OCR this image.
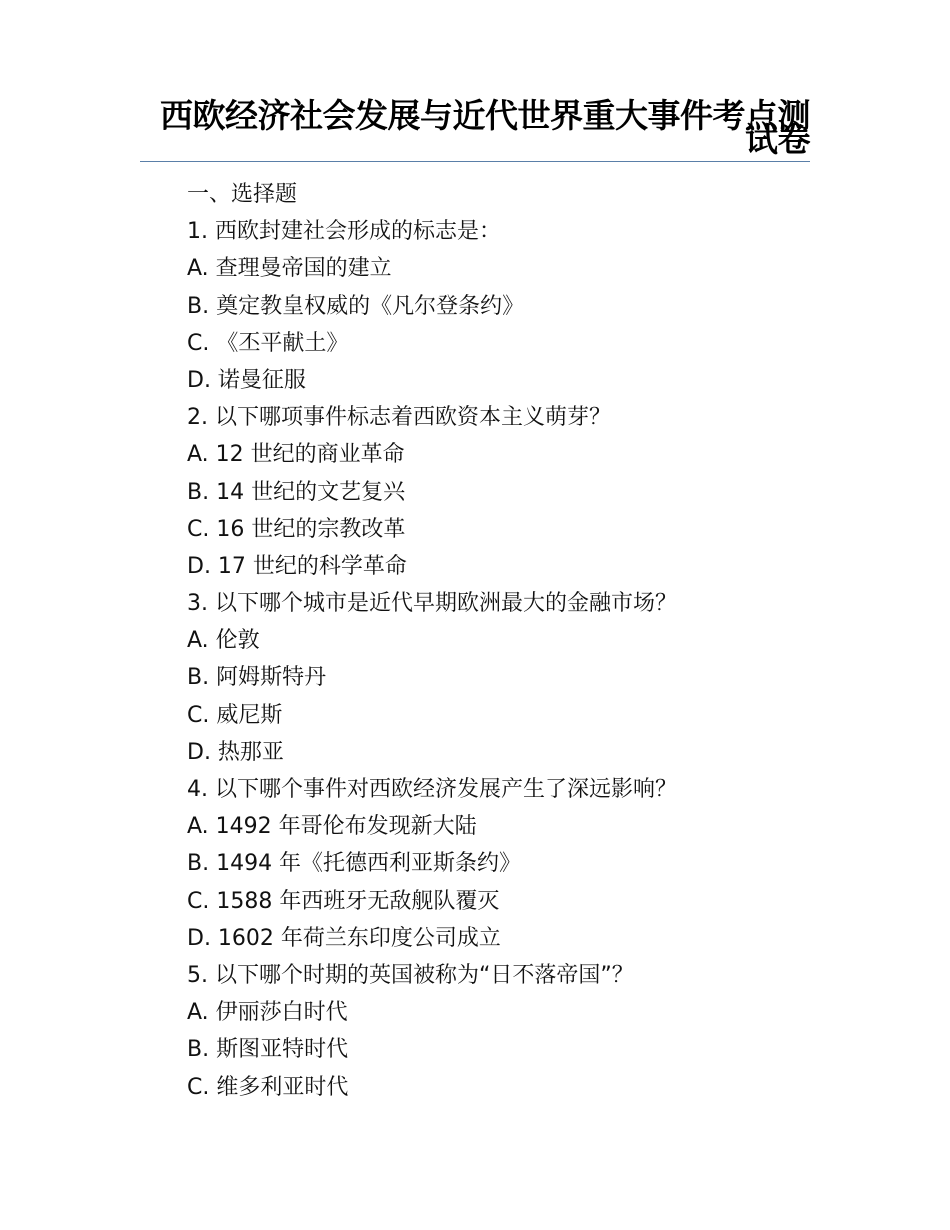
西欧经济社会发展与近代世界重大事件考点测试卷
一、选择题
1. 西欧封建社会形成的标志是：
A. 查理曼帝国的建立
B. 奠定教皇权威的《凡尔登条约》
C. 《丕平献土》
D. 诺曼征服
2. 以下哪项事件标志着西欧资本主义萌芽？
A. 12 世纪的商业革命
B. 14 世纪的文艺复兴
C. 16 世纪的宗教改革
D. 17 世纪的科学革命
3. 以下哪个城市是近代早期欧洲最大的金融市场？
A. 伦敦
B. 阿姆斯特丹
C. 威尼斯
D. 热那亚
4. 以下哪个事件对西欧经济发展产生了深远影响？
A. 1492 年哥伦布发现新大陆
B. 1494 年《托德西利亚斯条约》
C. 1588 年西班牙无敌舰队覆灭
D. 1602 年荷兰东印度公司成立
5. 以下哪个时期的英国被称为“日不落帝国”？
A. 伊丽莎白时代
B. 斯图亚特时代
C. 维多利亚时代
